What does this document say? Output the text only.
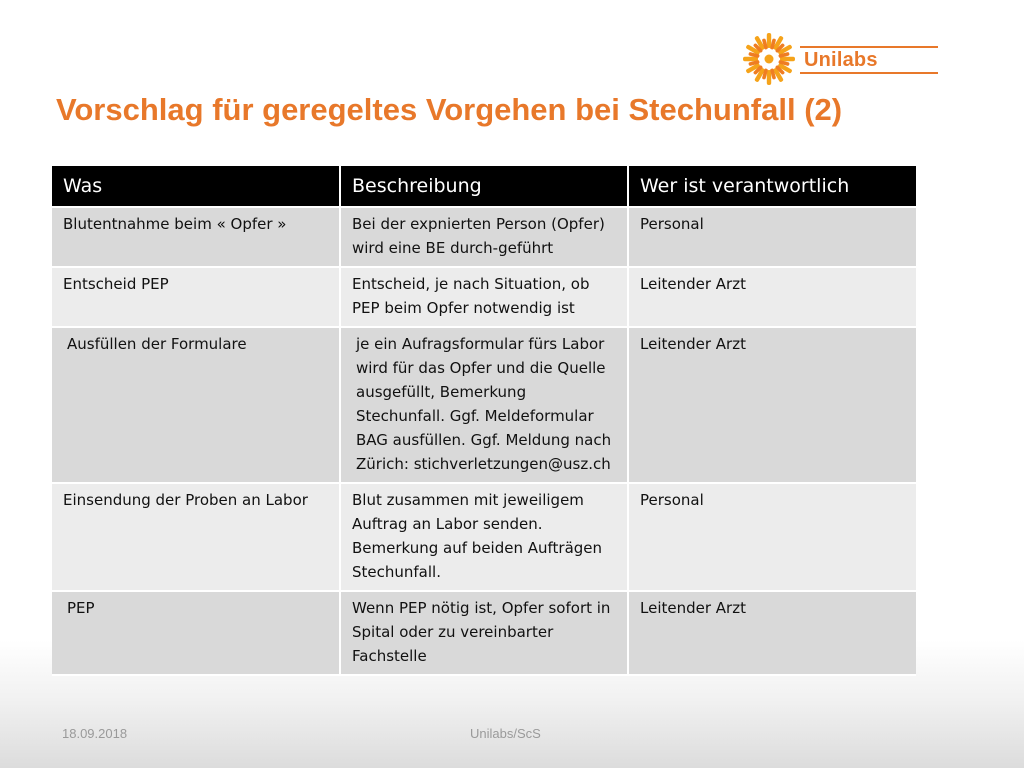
Unilabs
Vorschlag für geregeltes Vorgehen bei Stechunfall (2)
Was	Beschreibung	Wer ist verantwortlich
Blutentnahme beim « Opfer »	Bei der expnierten Person (Opfer) wird eine BE durch-geführt	Personal
Entscheid PEP	Entscheid, je nach Situation, ob PEP beim Opfer notwendig ist	Leitender Arzt
Ausfüllen der Formulare	je ein Aufragsformular fürs Labor wird für das Opfer und die Quelle ausgefüllt, Bemerkung Stechunfall. Ggf. Meldeformular BAG ausfüllen. Ggf. Meldung nach Zürich: stichverletzungen@usz.ch	Leitender Arzt
Einsendung der Proben an Labor	Blut zusammen mit jeweiligem Auftrag an Labor senden. Bemerkung auf beiden Aufträgen Stechunfall.	Personal
PEP	Wenn PEP nötig ist, Opfer sofort in Spital oder zu vereinbarter Fachstelle	Leitender Arzt
18.09.2018	Unilabs/ScS
